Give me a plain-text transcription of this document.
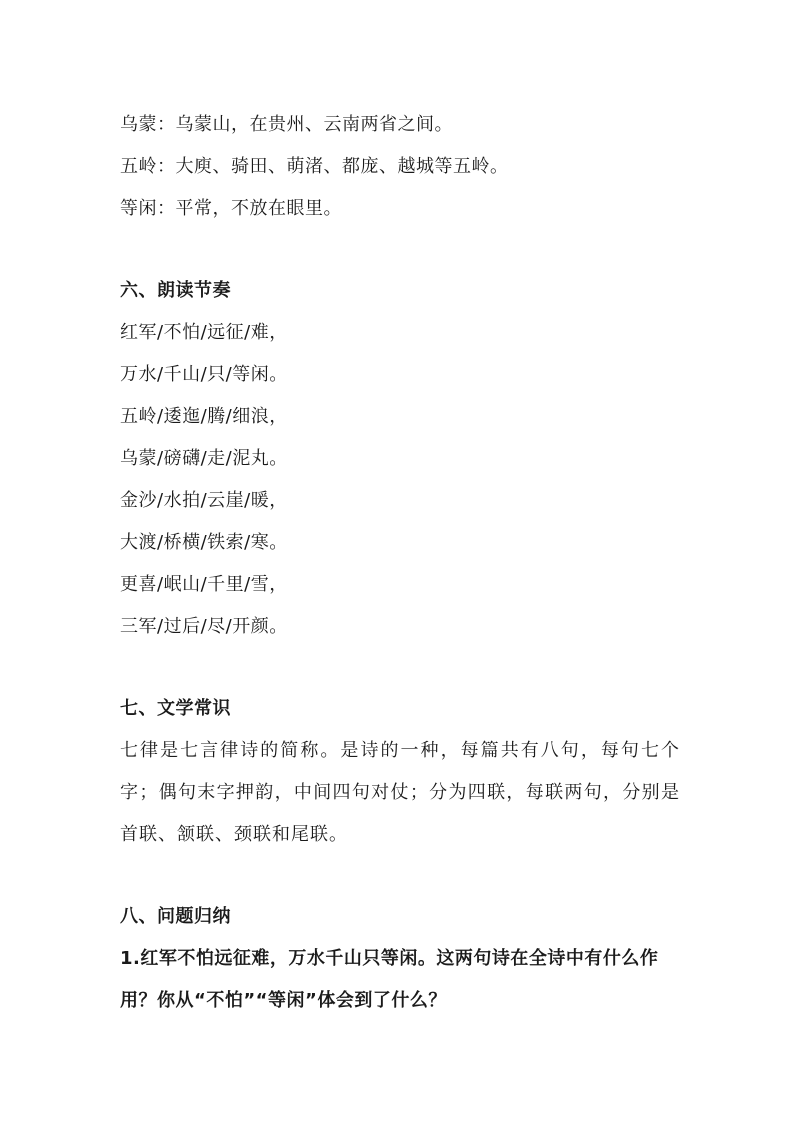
乌蒙：乌蒙山，在贵州、云南两省之间。
五岭：大庾、骑田、萌渚、都庞、越城等五岭。
等闲：平常，不放在眼里。
六、朗读节奏
红军/不怕/远征/难，
万水/千山/只/等闲。
五岭/逶迤/腾/细浪，
乌蒙/磅礴/走/泥丸。
金沙/水拍/云崖/暖，
大渡/桥横/铁索/寒。
更喜/岷山/千里/雪，
三军/过后/尽/开颜。
七、文学常识
七律是七言律诗的简称。是诗的一种，每篇共有八句，每句七个字；偶句末字押韵，中间四句对仗；分为四联，每联两句，分别是首联、颔联、颈联和尾联。
八、问题归纳
1.红军不怕远征难，万水千山只等闲。这两句诗在全诗中有什么作用？你从“不怕”“等闲”体会到了什么？
